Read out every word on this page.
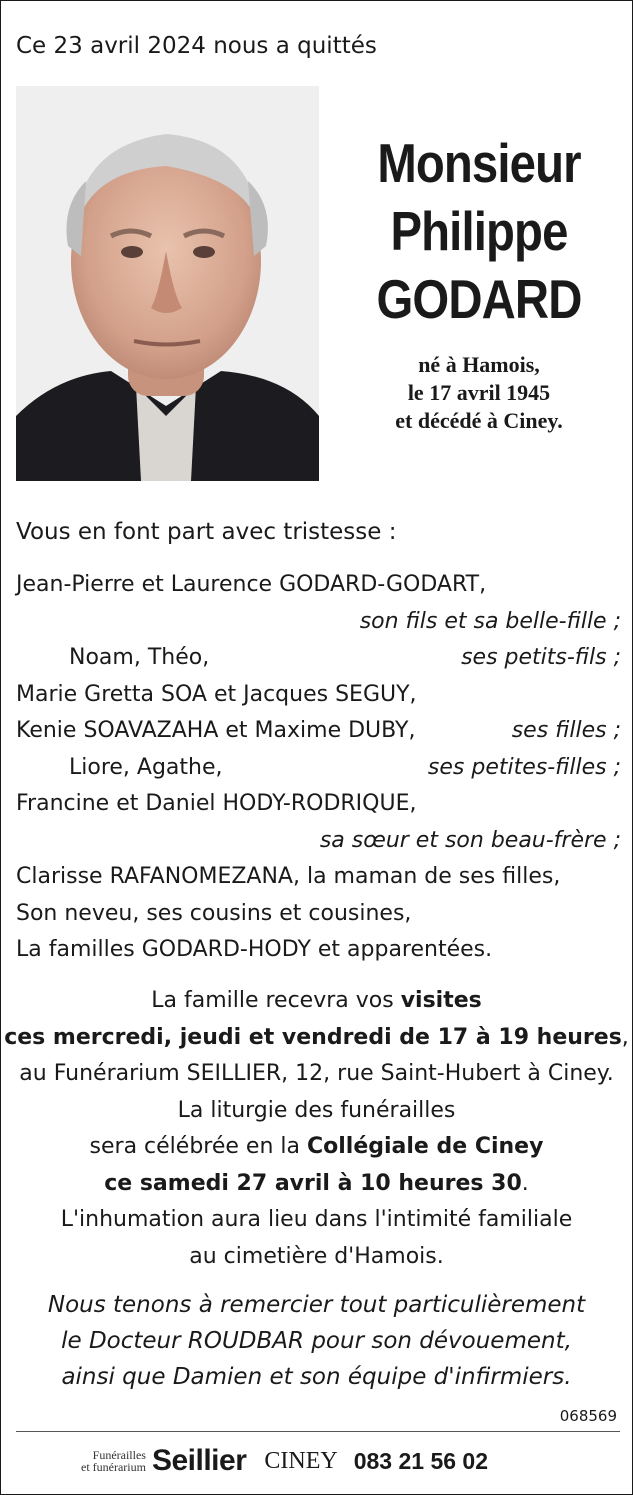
Ce 23 avril 2024 nous a quittés
Monsieur
Philippe
GODARD
né à Hamois,
le 17 avril 1945
et décédé à Ciney.
Vous en font part avec tristesse :
Jean-Pierre et Laurence GODARD-GODART,
son fils et sa belle-fille ;
Noam, Théo,	ses petits-fils ;
Marie Gretta SOA et Jacques SEGUY,
Kenie SOAVAZAHA et Maxime DUBY,	ses filles ;
Liore, Agathe,	ses petites-filles ;
Francine et Daniel HODY-RODRIQUE,
sa sœur et son beau-frère ;
Clarisse RAFANOMEZANA, la maman de ses filles,
Son neveu, ses cousins et cousines,
La familles GODARD-HODY et apparentées.
La famille recevra vos visites
ces mercredi, jeudi et vendredi de 17 à 19 heures,
au Funérarium SEILLIER, 12, rue Saint-Hubert à Ciney.
La liturgie des funérailles
sera célébrée en la Collégiale de Ciney
ce samedi 27 avril à 10 heures 30.
L'inhumation aura lieu dans l'intimité familiale
au cimetière d'Hamois.
Nous tenons à remercier tout particulièrement
le Docteur ROUDBAR pour son dévouement,
ainsi que Damien et son équipe d'infirmiers.
068569
Funérailles
et funérarium Seillier CINEY 083 21 56 02
